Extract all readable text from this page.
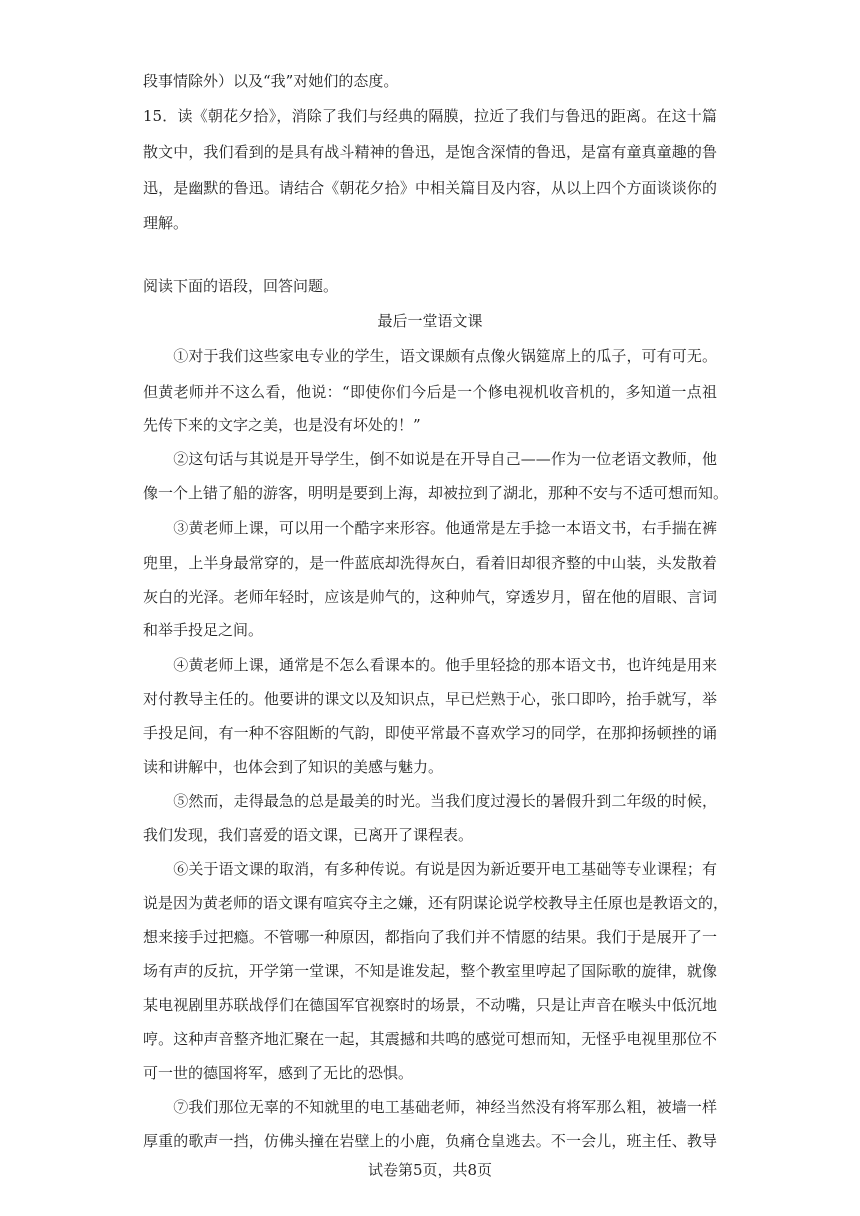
段事情除外）以及“我”对她们的态度。
15．读《朝花夕拾》，消除了我们与经典的隔膜，拉近了我们与鲁迅的距离。在这十篇
散文中，我们看到的是具有战斗精神的鲁迅，是饱含深情的鲁迅，是富有童真童趣的鲁
迅，是幽默的鲁迅。请结合《朝花夕拾》中相关篇目及内容，从以上四个方面谈谈你的
理解。
阅读下面的语段，回答问题。
最后一堂语文课
　　①对于我们这些家电专业的学生，语文课颇有点像火锅筵席上的瓜子，可有可无。
但黄老师并不这么看，他说：“即使你们今后是一个修电视机收音机的，多知道一点祖
先传下来的文字之美，也是没有坏处的！”
　　②这句话与其说是开导学生，倒不如说是在开导自己——作为一位老语文教师，他
像一个上错了船的游客，明明是要到上海，却被拉到了湖北，那种不安与不适可想而知。
　　③黄老师上课，可以用一个酷字来形容。他通常是左手捻一本语文书，右手揣在裤
兜里，上半身最常穿的，是一件蓝底却洗得灰白，看着旧却很齐整的中山装，头发散着
灰白的光泽。老师年轻时，应该是帅气的，这种帅气，穿透岁月，留在他的眉眼、言词
和举手投足之间。
　　④黄老师上课，通常是不怎么看课本的。他手里轻捻的那本语文书，也许纯是用来
对付教导主任的。他要讲的课文以及知识点，早已烂熟于心，张口即吟，抬手就写，举
手投足间，有一种不容阻断的气韵，即使平常最不喜欢学习的同学，在那抑扬顿挫的诵
读和讲解中，也体会到了知识的美感与魅力。
　　⑤然而，走得最急的总是最美的时光。当我们度过漫长的暑假升到二年级的时候，
我们发现，我们喜爱的语文课，已离开了课程表。
　　⑥关于语文课的取消，有多种传说。有说是因为新近要开电工基础等专业课程；有
说是因为黄老师的语文课有喧宾夺主之嫌，还有阴谋论说学校教导主任原也是教语文的，
想来接手过把瘾。不管哪一种原因，都指向了我们并不情愿的结果。我们于是展开了一
场有声的反抗，开学第一堂课，不知是谁发起，整个教室里哼起了国际歌的旋律，就像
某电视剧里苏联战俘们在德国军官视察时的场景，不动嘴，只是让声音在喉头中低沉地
哼。这种声音整齐地汇聚在一起，其震撼和共鸣的感觉可想而知，无怪乎电视里那位不
可一世的德国将军，感到了无比的恐惧。
　　⑦我们那位无辜的不知就里的电工基础老师，神经当然没有将军那么粗，被墙一样
厚重的歌声一挡，仿佛头撞在岩壁上的小鹿，负痛仓皇逃去。不一会儿，班主任、教导
试卷第5页，共8页
